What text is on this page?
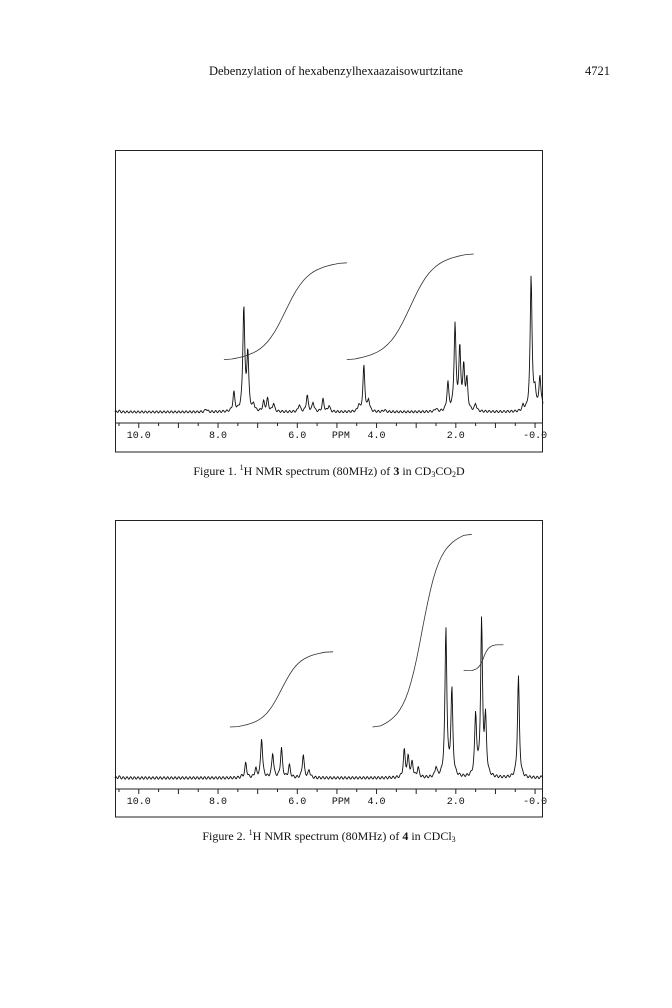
Debenzylation of hexabenzylhexaazaisowurtzitane	4721
10.0	8.0	6.0	PPM 4.0	2.0	-0.0
Figure 1. $^1$H NMR spectrum (80MHz) of 3 in $CD_3CO_2D$
10.0	8.0	6.0	PPM 4.0	2.0	-0.0
Figure 2. $^1$H NMR spectrum (80MHz) of 4 in CDCl$_3$
